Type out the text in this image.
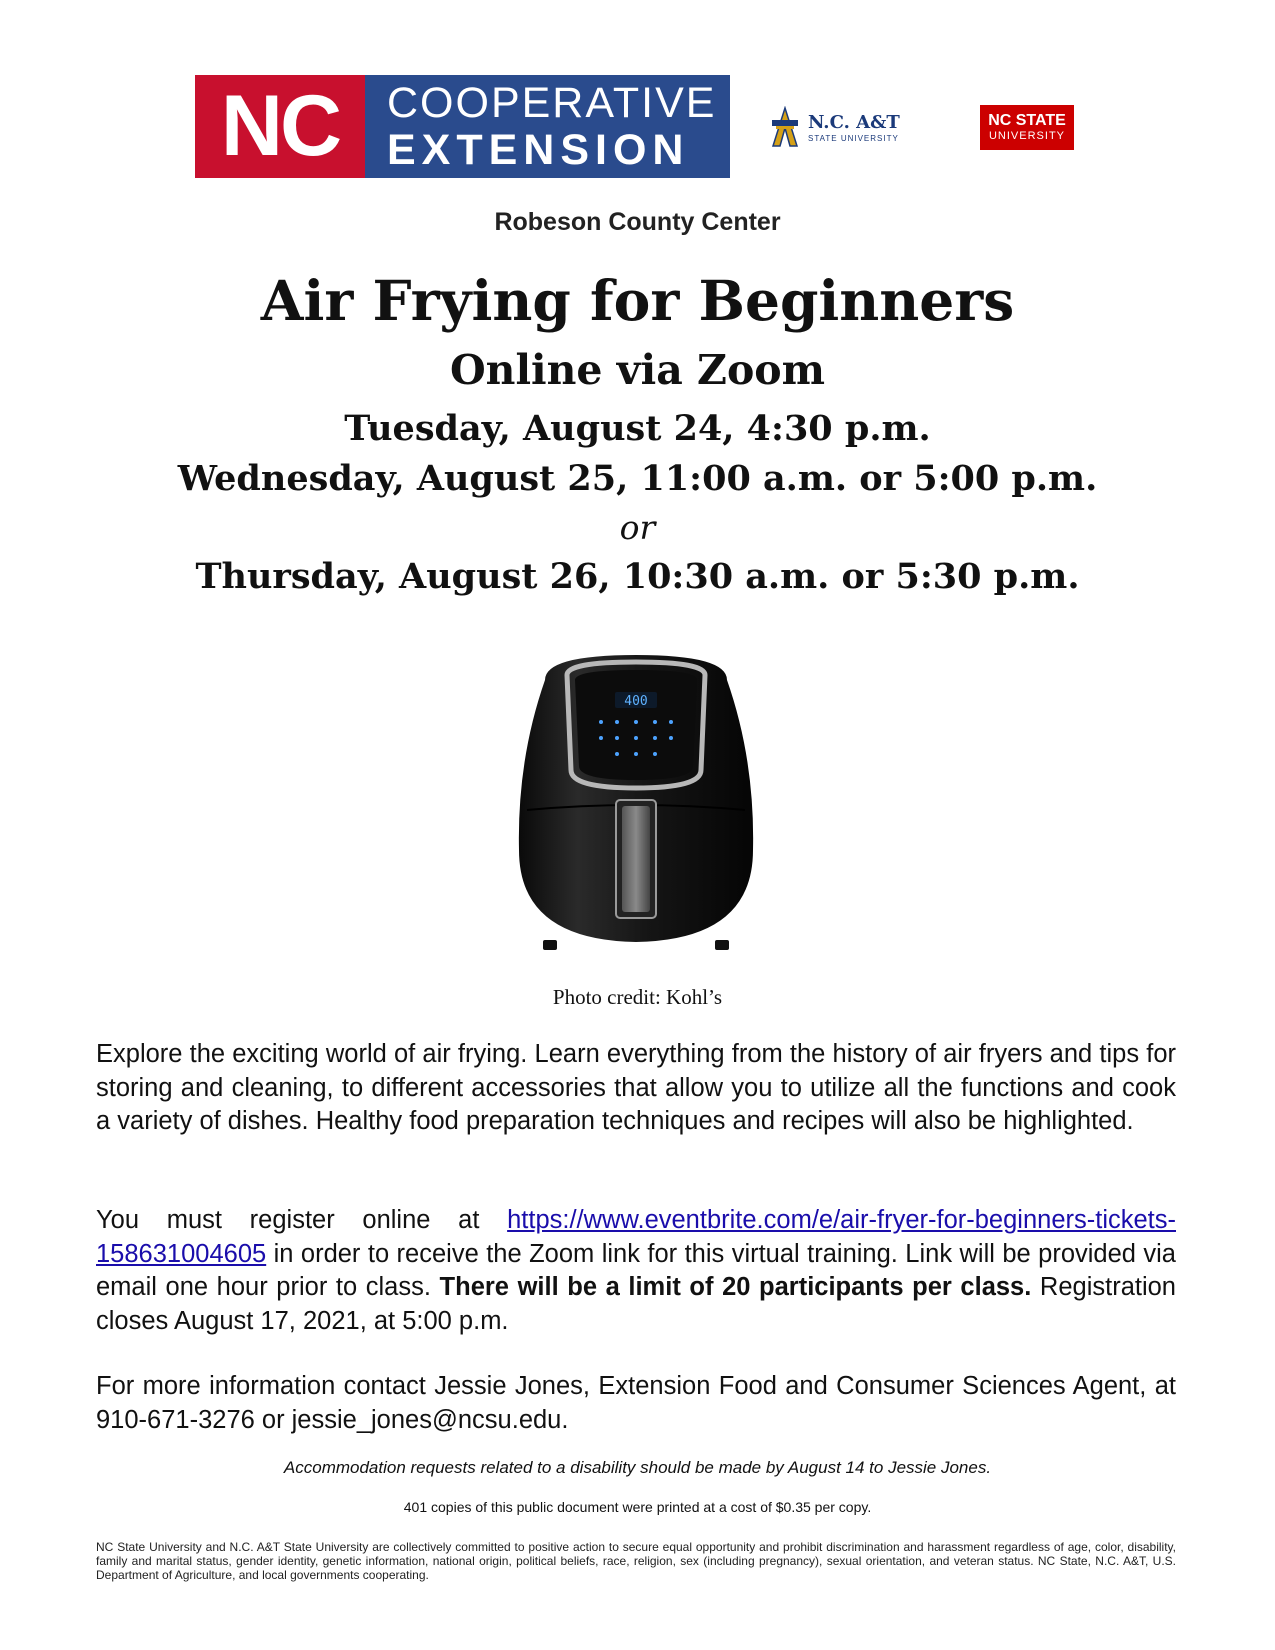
NC	COOPERATIVE
EXTENSION
N.C. A&T
STATE UNIVERSITY
NC STATE
UNIVERSITY
Robeson County Center
Air Frying for Beginners
Online via Zoom
Tuesday, August 24, 4:30 p.m.
Wednesday, August 25, 11:00 a.m. or 5:00 p.m.
or
Thursday, August 26, 10:30 a.m. or 5:30 p.m.
400
Photo credit: Kohl’s
Explore the exciting world of air frying. Learn everything from the history of air fryers and tips for storing and cleaning, to different accessories that allow you to utilize all the functions and cook a variety of dishes. Healthy food preparation techniques and recipes will also be highlighted.
You must register online at https://www.eventbrite.com/e/air-fryer-for-beginners-tickets-158631004605 in order to receive the Zoom link for this virtual training. Link will be provided via email one hour prior to class. There will be a limit of 20 participants per class. Registration closes August 17, 2021, at 5:00 p.m.
For more information contact Jessie Jones, Extension Food and Consumer Sciences Agent, at 910-671-3276 or jessie_jones@ncsu.edu.
Accommodation requests related to a disability should be made by August 14 to Jessie Jones.
401 copies of this public document were printed at a cost of $0.35 per copy.
NC State University and N.C. A&T State University are collectively committed to positive action to secure equal opportunity and prohibit discrimination and harassment regardless of age, color, disability, family and marital status, gender identity, genetic information, national origin, political beliefs, race, religion, sex (including pregnancy), sexual orientation, and veteran status. NC State, N.C. A&T, U.S. Department of Agriculture, and local governments cooperating.
